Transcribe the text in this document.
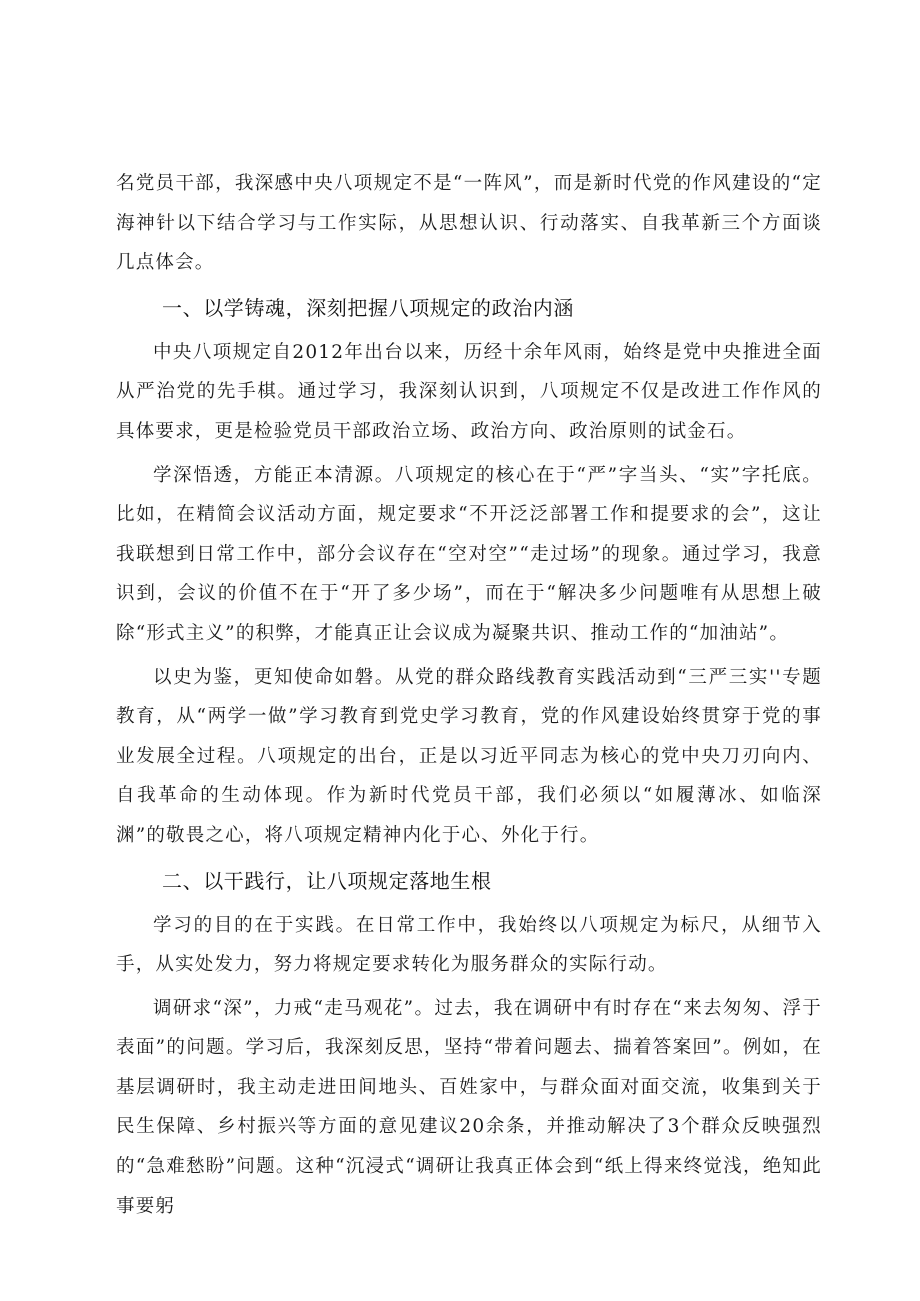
名党员干部，我深感中央八项规定不是“一阵风”，而是新时代党的作风建设的“定海神针以下结合学习与工作实际，从思想认识、行动落实、自我革新三个方面谈几点体会。

一、以学铸魂，深刻把握八项规定的政治内涵

中央八项规定自2012年出台以来，历经十余年风雨，始终是党中央推进全面从严治党的先手棋。通过学习，我深刻认识到，八项规定不仅是改进工作作风的具体要求，更是检验党员干部政治立场、政治方向、政治原则的试金石。

学深悟透，方能正本清源。八项规定的核心在于“严”字当头、“实”字托底。比如，在精简会议活动方面，规定要求“不开泛泛部署工作和提要求的会”，这让我联想到日常工作中，部分会议存在“空对空”“走过场”的现象。通过学习，我意识到，会议的价值不在于“开了多少场”，而在于“解决多少问题唯有从思想上破除“形式主义”的积弊，才能真正让会议成为凝聚共识、推动工作的“加油站”。

以史为鉴，更知使命如磐。从党的群众路线教育实践活动到“三严三实''专题教育，从“两学一做”学习教育到党史学习教育，党的作风建设始终贯穿于党的事业发展全过程。八项规定的出台，正是以习近平同志为核心的党中央刀刃向内、自我革命的生动体现。作为新时代党员干部，我们必须以“如履薄冰、如临深渊”的敬畏之心，将八项规定精神内化于心、外化于行。

二、以干践行，让八项规定落地生根

学习的目的在于实践。在日常工作中，我始终以八项规定为标尺，从细节入手，从实处发力，努力将规定要求转化为服务群众的实际行动。

调研求“深”，力戒“走马观花”。过去，我在调研中有时存在“来去匆匆、浮于表面”的问题。学习后，我深刻反思，坚持“带着问题去、揣着答案回”。例如，在基层调研时，我主动走进田间地头、百姓家中，与群众面对面交流，收集到关于民生保障、乡村振兴等方面的意见建议20余条，并推动解决了3个群众反映强烈的“急难愁盼”问题。这种“沉浸式“调研让我真正体会到“纸上得来终觉浅，绝知此事要躬
